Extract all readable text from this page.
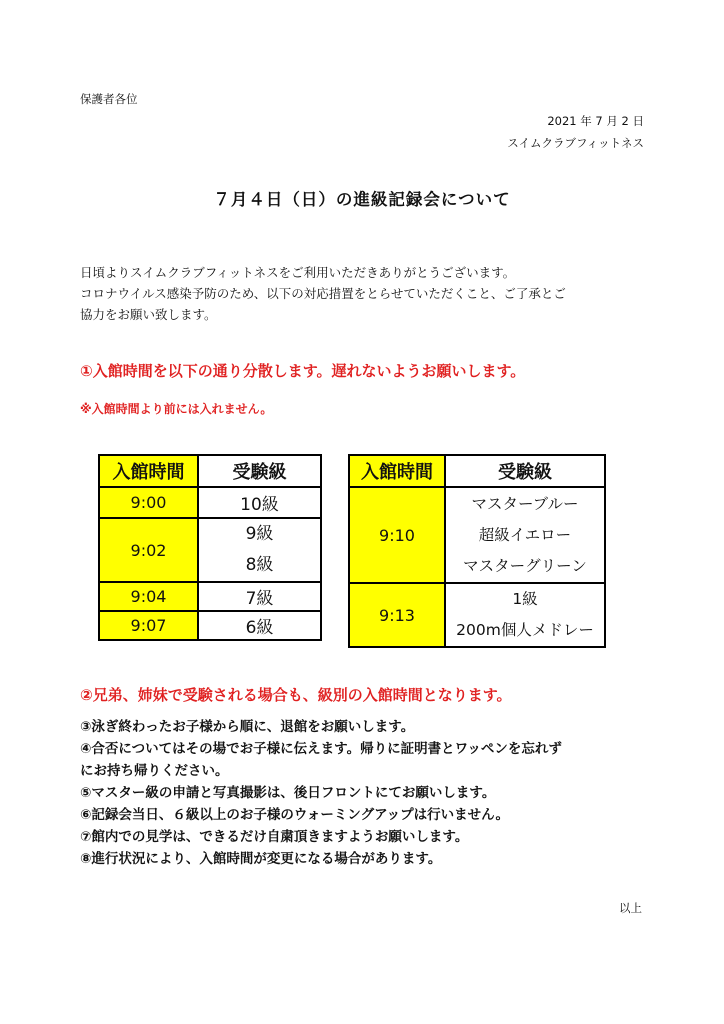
保護者各位
2021 年 7 月 2 日
スイムクラブフィットネス
７月４日（日）の進級記録会について
日頃よりスイムクラブフィットネスをご利用いただきありがとうございます。
コロナウイルス感染予防のため、以下の対応措置をとらせていただくこと、ご了承とご
協力をお願い致します。
①入館時間を以下の通り分散します。遅れないようお願いします。
※入館時間より前には入れません。
入館時間	受験級
9:00	10級
9:02	9級
8級

9:04	7級
9:07	6級
入館時間	受験級
9:10	マスターブルー
超級イエロー
マスターグリーン

9:13	1級
200m個人メドレー
②兄弟、姉妹で受験される場合も、級別の入館時間となります。
③泳ぎ終わったお子様から順に、退館をお願いします。
④合否についてはその場でお子様に伝えます。帰りに証明書とワッペンを忘れず
にお持ち帰りください。
⑤マスター級の申請と写真撮影は、後日フロントにてお願いします。
⑥記録会当日、６級以上のお子様のウォーミングアップは行いません。
⑦館内での見学は、できるだけ自粛頂きますようお願いします。
⑧進行状況により、入館時間が変更になる場合があります。
以上
